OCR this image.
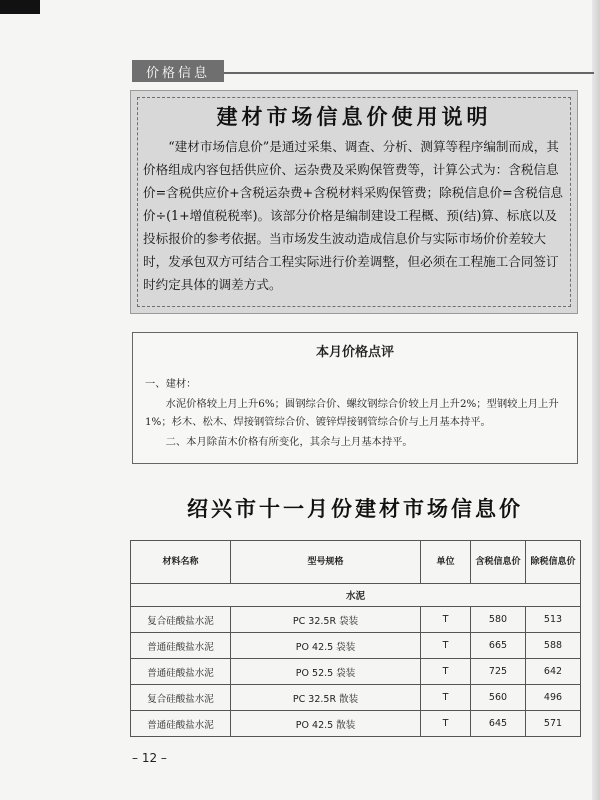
价格信息
建材市场信息价使用说明

“建材市场信息价”是通过采集、调查、分析、测算等程序编制而成，其价格组成内容包括供应价、运杂费及采购保管费等，计算公式为：含税信息价=含税供应价+含税运杂费+含税材料采购保管费；除税信息价=含税信息价÷(1+增值税税率)。该部分价格是编制建设工程概、预(结)算、标底以及投标报价的参考依据。当市场发生波动造成信息价与实际市场价价差较大时，发承包双方可结合工程实际进行价差调整，但必须在工程施工合同签订时约定具体的调差方式。

本月价格点评

一、建材：

水泥价格较上月上升6%；圆钢综合价、螺纹钢综合价较上月上升2%；型钢较上月上升1%；杉木、松木、焊接钢管综合价、镀锌焊接钢管综合价与上月基本持平。

二、本月除苗木价格有所变化，其余与上月基本持平。

绍兴市十一月份建材市场信息价
材料名称	型号规格	单位	含税信息价	除税信息价
水泥				
复合硅酸盐水泥	PC 32.5R 袋装	T	580	513
普通硅酸盐水泥	PO 42.5 袋装	T	665	588
普通硅酸盐水泥	PO 52.5 袋装	T	725	642
复合硅酸盐水泥	PC 32.5R 散装	T	560	496
普通硅酸盐水泥	PO 42.5 散装	T	645	571
– 12 –
